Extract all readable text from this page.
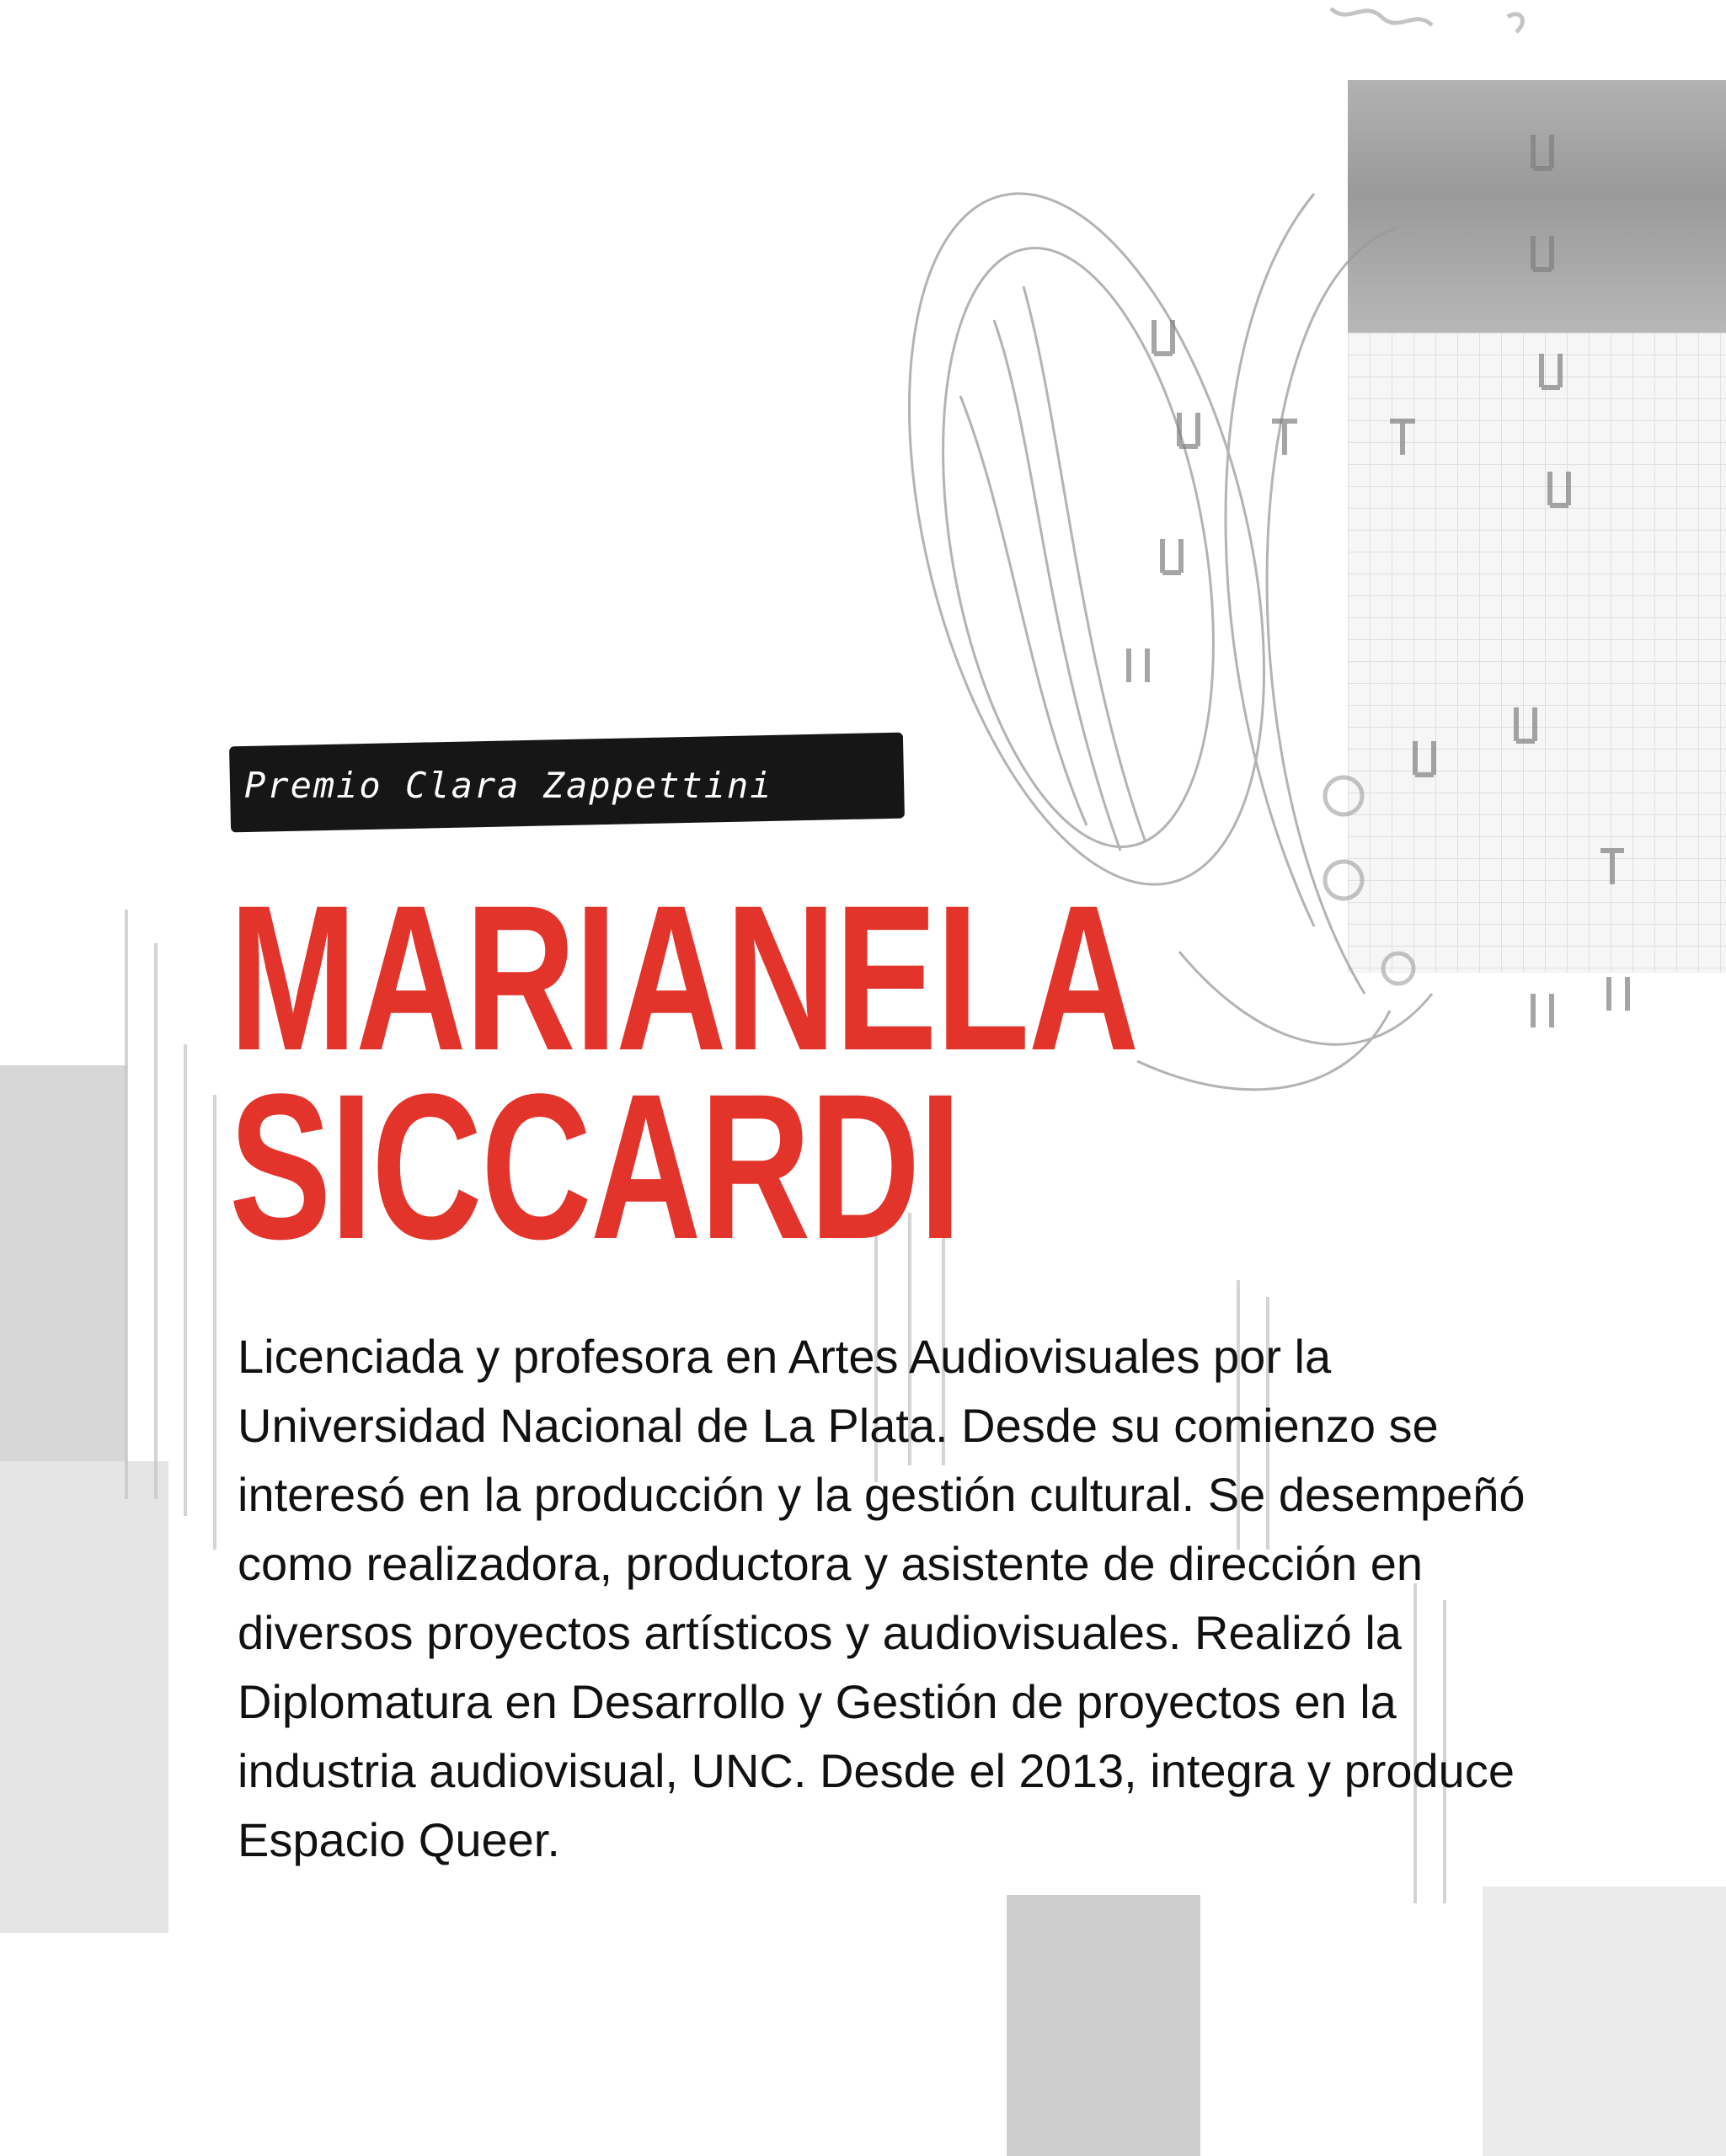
Premio Clara Zappettini
MARIANELA
SICCARDI

Licenciada y profesora en Artes Audiovisuales por la Universidad Nacional de La Plata. Desde su comienzo se interesó en la producción y la gestión cultural. Se desempeñó como realizadora, productora y asistente de dirección en diversos proyectos artísticos y audiovisuales. Realizó la Diplomatura en Desarrollo y Gestión de proyectos en la industria audiovisual, UNC. Desde el 2013, integra y produce Espacio Queer.
